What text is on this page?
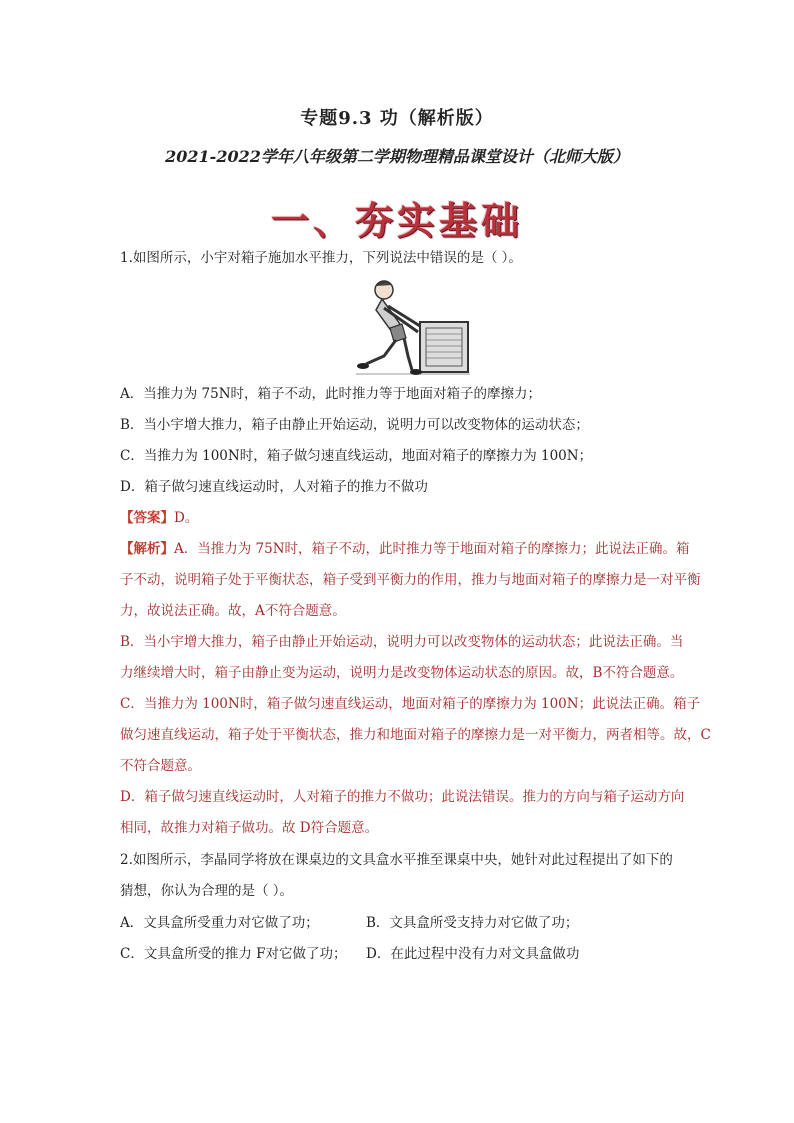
专题9.3 功（解析版）
2021-2022学年八年级第二学期物理精品课堂设计（北师大版）
一、夯实基础
1.如图所示，小宇对箱子施加水平推力，下列说法中错误的是（ ）。
A．当推力为 75N时，箱子不动，此时推力等于地面对箱子的摩擦力；
B．当小宇增大推力，箱子由静止开始运动，说明力可以改变物体的运动状态；
C．当推力为 100N时，箱子做匀速直线运动，地面对箱子的摩擦力为 100N；
D．箱子做匀速直线运动时，人对箱子的推力不做功
【答案】D。
【解析】A．当推力为 75N时，箱子不动，此时推力等于地面对箱子的摩擦力；此说法正确。箱
子不动，说明箱子处于平衡状态，箱子受到平衡力的作用，推力与地面对箱子的摩擦力是一对平衡
力，故说法正确。故，A不符合题意。
B．当小宇增大推力，箱子由静止开始运动，说明力可以改变物体的运动状态；此说法正确。当
力继续增大时，箱子由静止变为运动，说明力是改变物体运动状态的原因。故，B不符合题意。
C．当推力为 100N时，箱子做匀速直线运动，地面对箱子的摩擦力为 100N；此说法正确。箱子
做匀速直线运动，箱子处于平衡状态，推力和地面对箱子的摩擦力是一对平衡力，两者相等。故，C
不符合题意。
D．箱子做匀速直线运动时，人对箱子的推力不做功；此说法错误。推力的方向与箱子运动方向
相同，故推力对箱子做功。故 D符合题意。
2.如图所示，李晶同学将放在课桌边的文具盒水平推至课桌中央，她针对此过程提出了如下的
猜想，你认为合理的是（ ）。
A．文具盒所受重力对它做了功；	B．文具盒所受支持力对它做了功；
C．文具盒所受的推力 F对它做了功； D．在此过程中没有力对文具盒做功
